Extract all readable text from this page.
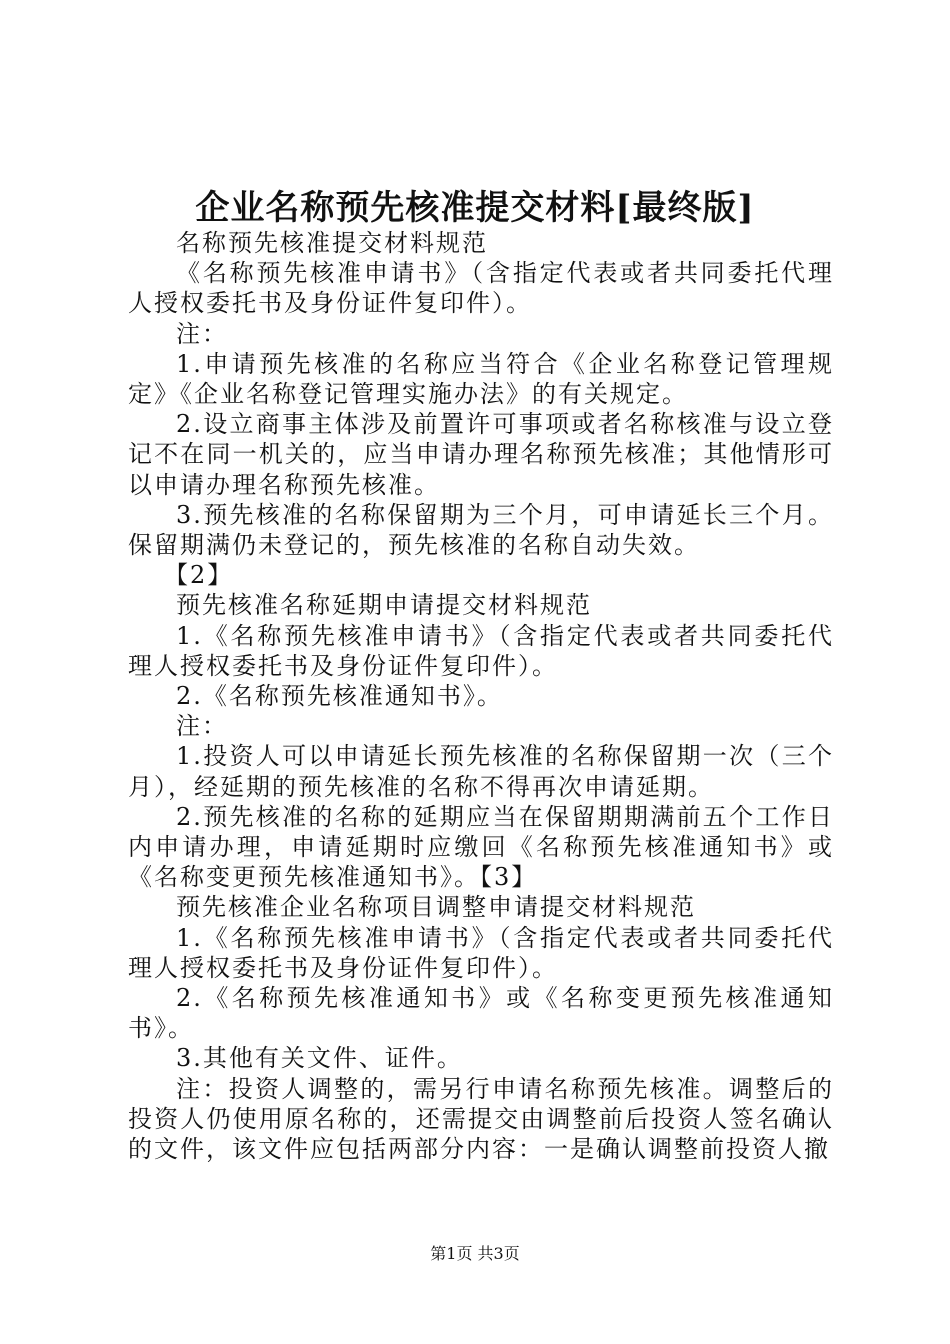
企业名称预先核准提交材料[最终版]

名称预先核准提交材料规范

《名称预先核准申请书》（含指定代表或者共同委托代理人授权委托书及身份证件复印件）。

注：

1.申请预先核准的名称应当符合《企业名称登记管理规定》《企业名称登记管理实施办法》的有关规定。

2.设立商事主体涉及前置许可事项或者名称核准与设立登记不在同一机关的，应当申请办理名称预先核准；其他情形可以申请办理名称预先核准。

3.预先核准的名称保留期为三个月，可申请延长三个月。保留期满仍未登记的，预先核准的名称自动失效。

【2】

预先核准名称延期申请提交材料规范

1.《名称预先核准申请书》（含指定代表或者共同委托代理人授权委托书及身份证件复印件）。

2.《名称预先核准通知书》。

注：

1.投资人可以申请延长预先核准的名称保留期一次（三个月），经延期的预先核准的名称不得再次申请延期。

2.预先核准的名称的延期应当在保留期期满前五个工作日内申请办理，申请延期时应缴回《名称预先核准通知书》或《名称变更预先核准通知书》。【3】

预先核准企业名称项目调整申请提交材料规范

1.《名称预先核准申请书》（含指定代表或者共同委托代理人授权委托书及身份证件复印件）。

2.《名称预先核准通知书》或《名称变更预先核准通知书》。

3.其他有关文件、证件。

注：投资人调整的，需另行申请名称预先核准。调整后的投资人仍使用原名称的，还需提交由调整前后投资人签名确认的文件，该文件应包括两部分内容：一是确认调整前投资人撤

第1页 共3页
